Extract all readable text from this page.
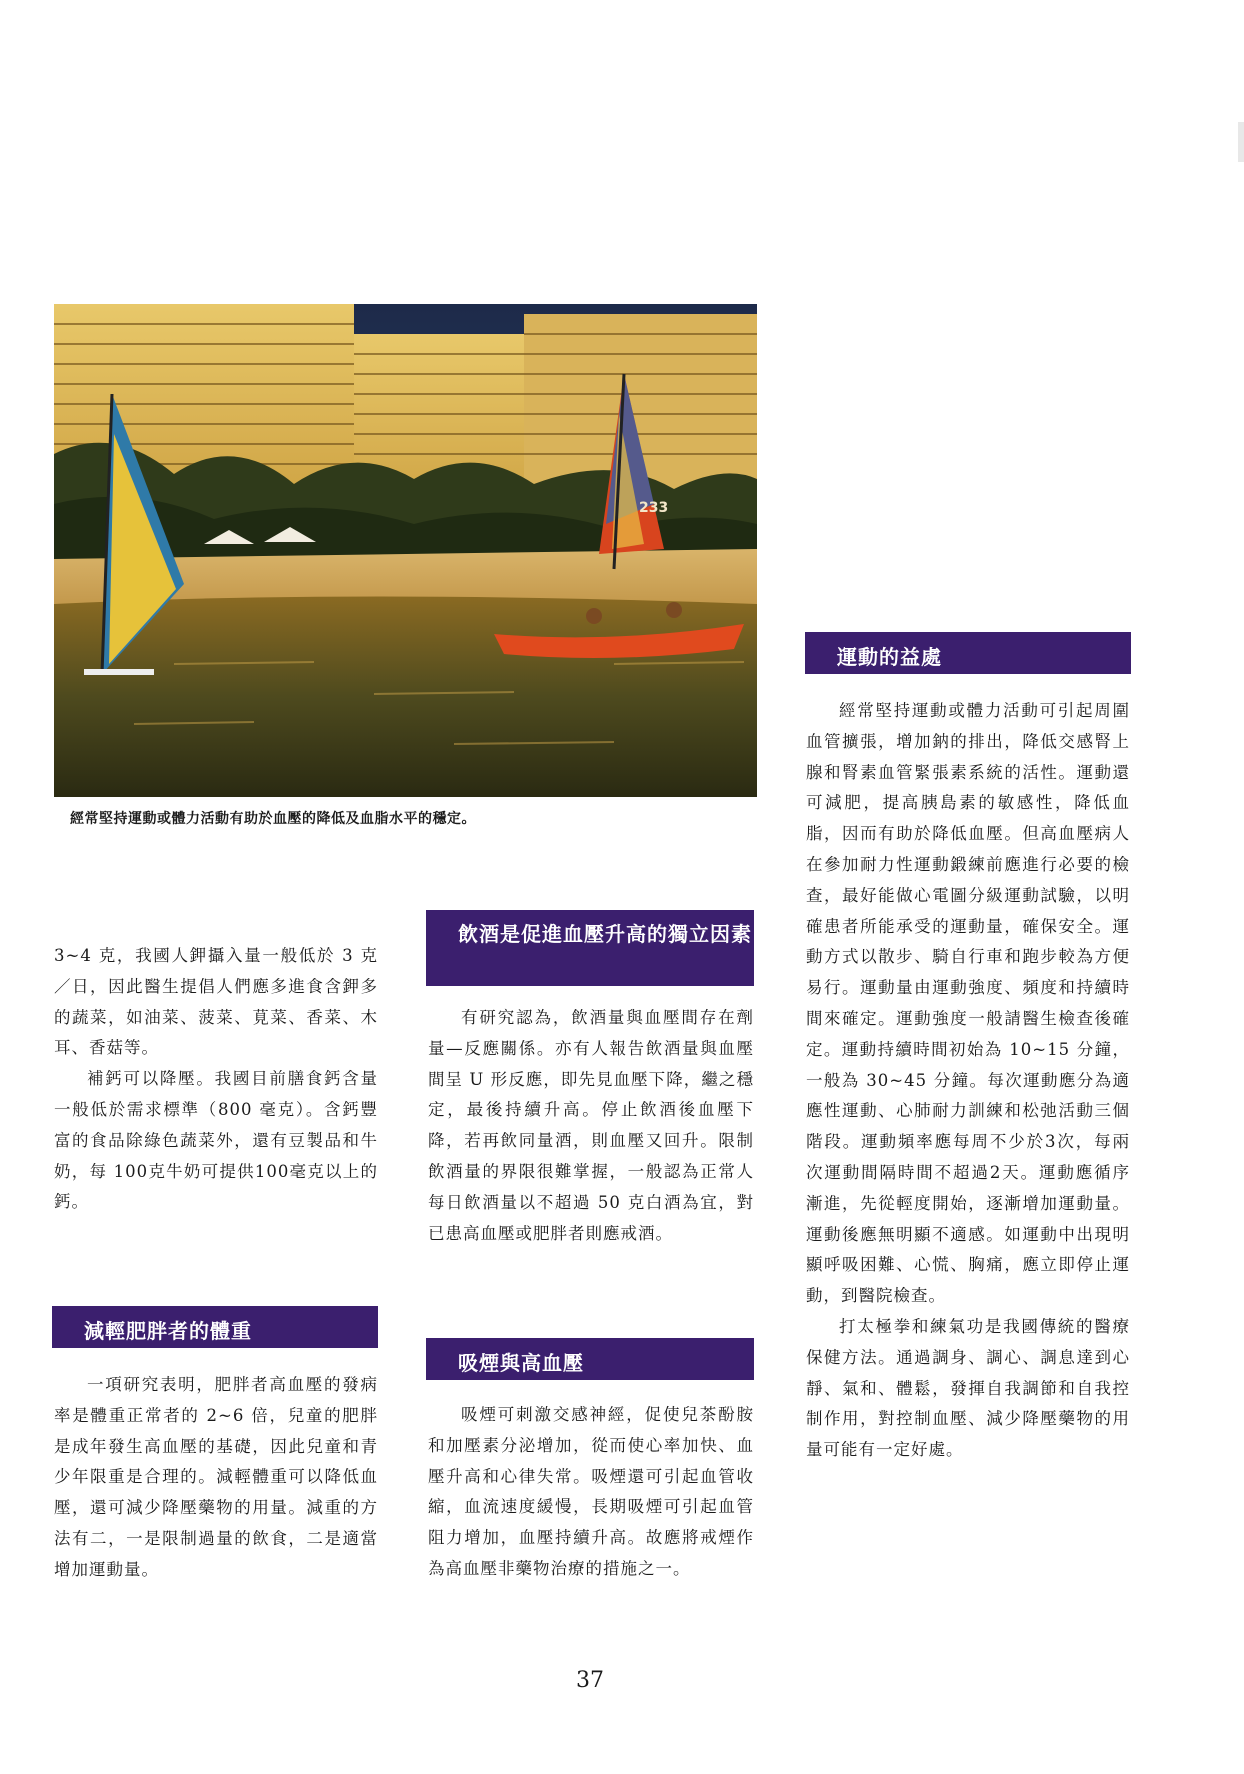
233
經常堅持運動或體力活動有助於血壓的降低及血脂水平的穩定。

3~4 克，我國人鉀攝入量一般低於 3 克／日，因此醫生提倡人們應多進食含鉀多的蔬菜，如油菜、菠菜、莧菜、香菜、木耳、香菇等。

補鈣可以降壓。我國目前膳食鈣含量一般低於需求標準（800 毫克）。含鈣豐富的食品除綠色蔬菜外，還有豆製品和牛奶，每 100克牛奶可提供100毫克以上的鈣。

減輕肥胖者的體重

一項研究表明，肥胖者高血壓的發病率是體重正常者的 2~6 倍，兒童的肥胖是成年發生高血壓的基礎，因此兒童和青少年限重是合理的。減輕體重可以降低血壓，還可減少降壓藥物的用量。減重的方法有二，一是限制過量的飲食，二是適當增加運動量。

飲酒是促進血壓升高的獨立因素

有研究認為，飲酒量與血壓間存在劑量—反應關係。亦有人報告飲酒量與血壓間呈 U 形反應，即先見血壓下降，繼之穩定，最後持續升高。停止飲酒後血壓下降，若再飲同量酒，則血壓又回升。限制飲酒量的界限很難掌握，一般認為正常人每日飲酒量以不超過 50 克白酒為宜，對已患高血壓或肥胖者則應戒酒。

吸煙與高血壓

吸煙可刺激交感神經，促使兒茶酚胺和加壓素分泌增加，從而使心率加快、血壓升高和心律失常。吸煙還可引起血管收縮，血流速度緩慢，長期吸煙可引起血管阻力增加，血壓持續升高。故應將戒煙作為高血壓非藥物治療的措施之一。

運動的益處

經常堅持運動或體力活動可引起周圍血管擴張，增加鈉的排出，降低交感腎上腺和腎素血管緊張素系統的活性。運動還可減肥，提高胰島素的敏感性，降低血脂，因而有助於降低血壓。但高血壓病人在參加耐力性運動鍛練前應進行必要的檢查，最好能做心電圖分級運動試驗，以明確患者所能承受的運動量，確保安全。運動方式以散步、騎自行車和跑步較為方便易行。運動量由運動強度、頻度和持續時間來確定。運動強度一般請醫生檢查後確定。運動持續時間初始為 10~15 分鐘，一般為 30~45 分鐘。每次運動應分為適應性運動、心肺耐力訓練和松弛活動三個階段。運動頻率應每周不少於3次，每兩次運動間隔時間不超過2天。運動應循序漸進，先從輕度開始，逐漸增加運動量。運動後應無明顯不適感。如運動中出現明顯呼吸困難、心慌、胸痛，應立即停止運動，到醫院檢查。

打太極拳和練氣功是我國傳統的醫療保健方法。通過調身、調心、調息達到心靜、氣和、體鬆，發揮自我調節和自我控制作用，對控制血壓、減少降壓藥物的用量可能有一定好處。

37
